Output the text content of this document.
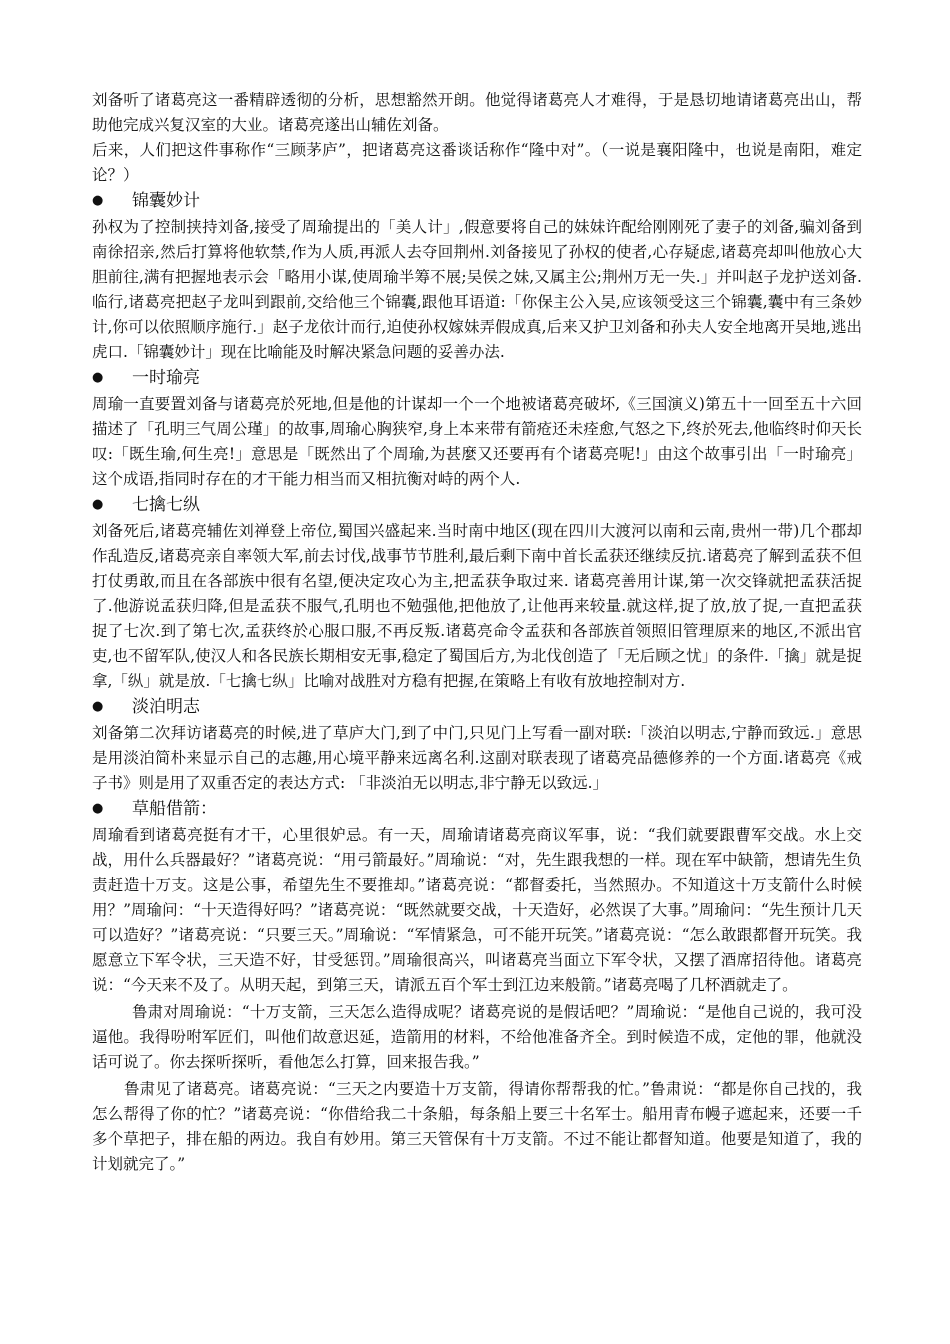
刘备听了诸葛亮这一番精辟透彻的分析，思想豁然开朗。他觉得诸葛亮人才难得，于是恳切地请诸葛亮出山，帮助他完成兴复汉室的大业。诸葛亮遂出山辅佐刘备。

后来，人们把这件事称作“三顾茅庐”，把诸葛亮这番谈话称作“隆中对”。（一说是襄阳隆中，也说是南阳，难定论？）

●	锦囊妙计

孙权为了控制挟持刘备,接受了周瑜提出的「美人计」,假意要将自己的妹妹许配给刚刚死了妻子的刘备,骗刘备到南徐招亲,然后打算将他软禁,作为人质,再派人去夺回荆州.刘备接见了孙权的使者,心存疑虑,诸葛亮却叫他放心大胆前往,满有把握地表示会「略用小谋,使周瑜半筹不展;吴侯之妹,又属主公;荆州万无一失.」并叫赵子龙护送刘备.临行,诸葛亮把赵子龙叫到跟前,交给他三个锦囊,跟他耳语道:「你保主公入吴,应该领受这三个锦囊,囊中有三条妙计,你可以依照顺序施行.」赵子龙依计而行,迫使孙权嫁妹弄假成真,后来又护卫刘备和孙夫人安全地离开吴地,逃出虎口.「锦囊妙计」现在比喻能及时解决紧急问题的妥善办法.

●	一时瑜亮

周瑜一直要置刘备与诸葛亮於死地,但是他的计谋却一个一个地被诸葛亮破坏,《三国演义)第五十一回至五十六回描述了「孔明三气周公瑾」的故事,周瑜心胸狭窄,身上本来带有箭疮还未痊愈,气怒之下,终於死去,他临终时仰天长叹:「既生瑜,何生亮!」意思是「既然出了个周瑜,为甚麼又还要再有个诸葛亮呢!」由这个故事引出「一时瑜亮」这个成语,指同时存在的才干能力相当而又相抗衡对峙的两个人.

●	七擒七纵

刘备死后,诸葛亮辅佐刘禅登上帝位,蜀国兴盛起来.当时南中地区(现在四川大渡河以南和云南,贵州一带)几个郡却作乱造反,诸葛亮亲自率领大军,前去讨伐,战事节节胜利,最后剩下南中首长孟获还继续反抗.诸葛亮了解到孟获不但打仗勇敢,而且在各部族中很有名望,便决定攻心为主,把孟获争取过来. 诸葛亮善用计谋,第一次交锋就把孟获活捉了.他游说孟获归降,但是孟获不服气,孔明也不勉强他,把他放了,让他再来较量.就这样,捉了放,放了捉,一直把孟获捉了七次.到了第七次,孟获终於心服口服,不再反叛.诸葛亮命令孟获和各部族首领照旧管理原来的地区,不派出官吏,也不留军队,使汉人和各民族长期相安无事,稳定了蜀国后方,为北伐创造了「无后顾之忧」的条件.「擒」就是捉拿,「纵」就是放.「七擒七纵」比喻对战胜对方稳有把握,在策略上有收有放地控制对方.

●	淡泊明志

刘备第二次拜访诸葛亮的时候,进了草庐大门,到了中门,只见门上写看一副对联:「淡泊以明志,宁静而致远.」意思是用淡泊简朴来显示自己的志趣,用心境平静来远离名利.这副对联表现了诸葛亮品德修养的一个方面.诸葛亮《戒子书》则是用了双重否定的表达方式: 「非淡泊无以明志,非宁静无以致远.」

●	草船借箭：

周瑜看到诸葛亮挺有才干，心里很妒忌。有一天，周瑜请诸葛亮商议军事，说：“我们就要跟曹军交战。水上交战，用什么兵器最好？”诸葛亮说：“用弓箭最好。”周瑜说：“对，先生跟我想的一样。现在军中缺箭，想请先生负责赶造十万支。这是公事，希望先生不要推却。”诸葛亮说：“都督委托，当然照办。不知道这十万支箭什么时候用？”周瑜问：“十天造得好吗？”诸葛亮说：“既然就要交战，十天造好，必然误了大事。”周瑜问：“先生预计几天可以造好？”诸葛亮说：“只要三天。”周瑜说：“军情紧急，可不能开玩笑。”诸葛亮说：“怎么敢跟都督开玩笑。我愿意立下军令状，三天造不好，甘受惩罚。”周瑜很高兴，叫诸葛亮当面立下军令状，又摆了酒席招待他。诸葛亮说：“今天来不及了。从明天起，到第三天，请派五百个军士到江边来般箭。”诸葛亮喝了几杯酒就走了。

鲁肃对周瑜说：“十万支箭，三天怎么造得成呢？诸葛亮说的是假话吧？”周瑜说：“是他自己说的，我可没逼他。我得吩咐军匠们，叫他们故意迟延，造箭用的材料，不给他准备齐全。到时候造不成，定他的罪，他就没话可说了。你去探听探听，看他怎么打算，回来报告我。”

鲁肃见了诸葛亮。诸葛亮说：“三天之内要造十万支箭，得请你帮帮我的忙。”鲁肃说：“都是你自己找的，我怎么帮得了你的忙？”诸葛亮说：“你借给我二十条船，每条船上要三十名军士。船用青布幔子遮起来，还要一千多个草把子，排在船的两边。我自有妙用。第三天管保有十万支箭。不过不能让都督知道。他要是知道了，我的计划就完了。”
